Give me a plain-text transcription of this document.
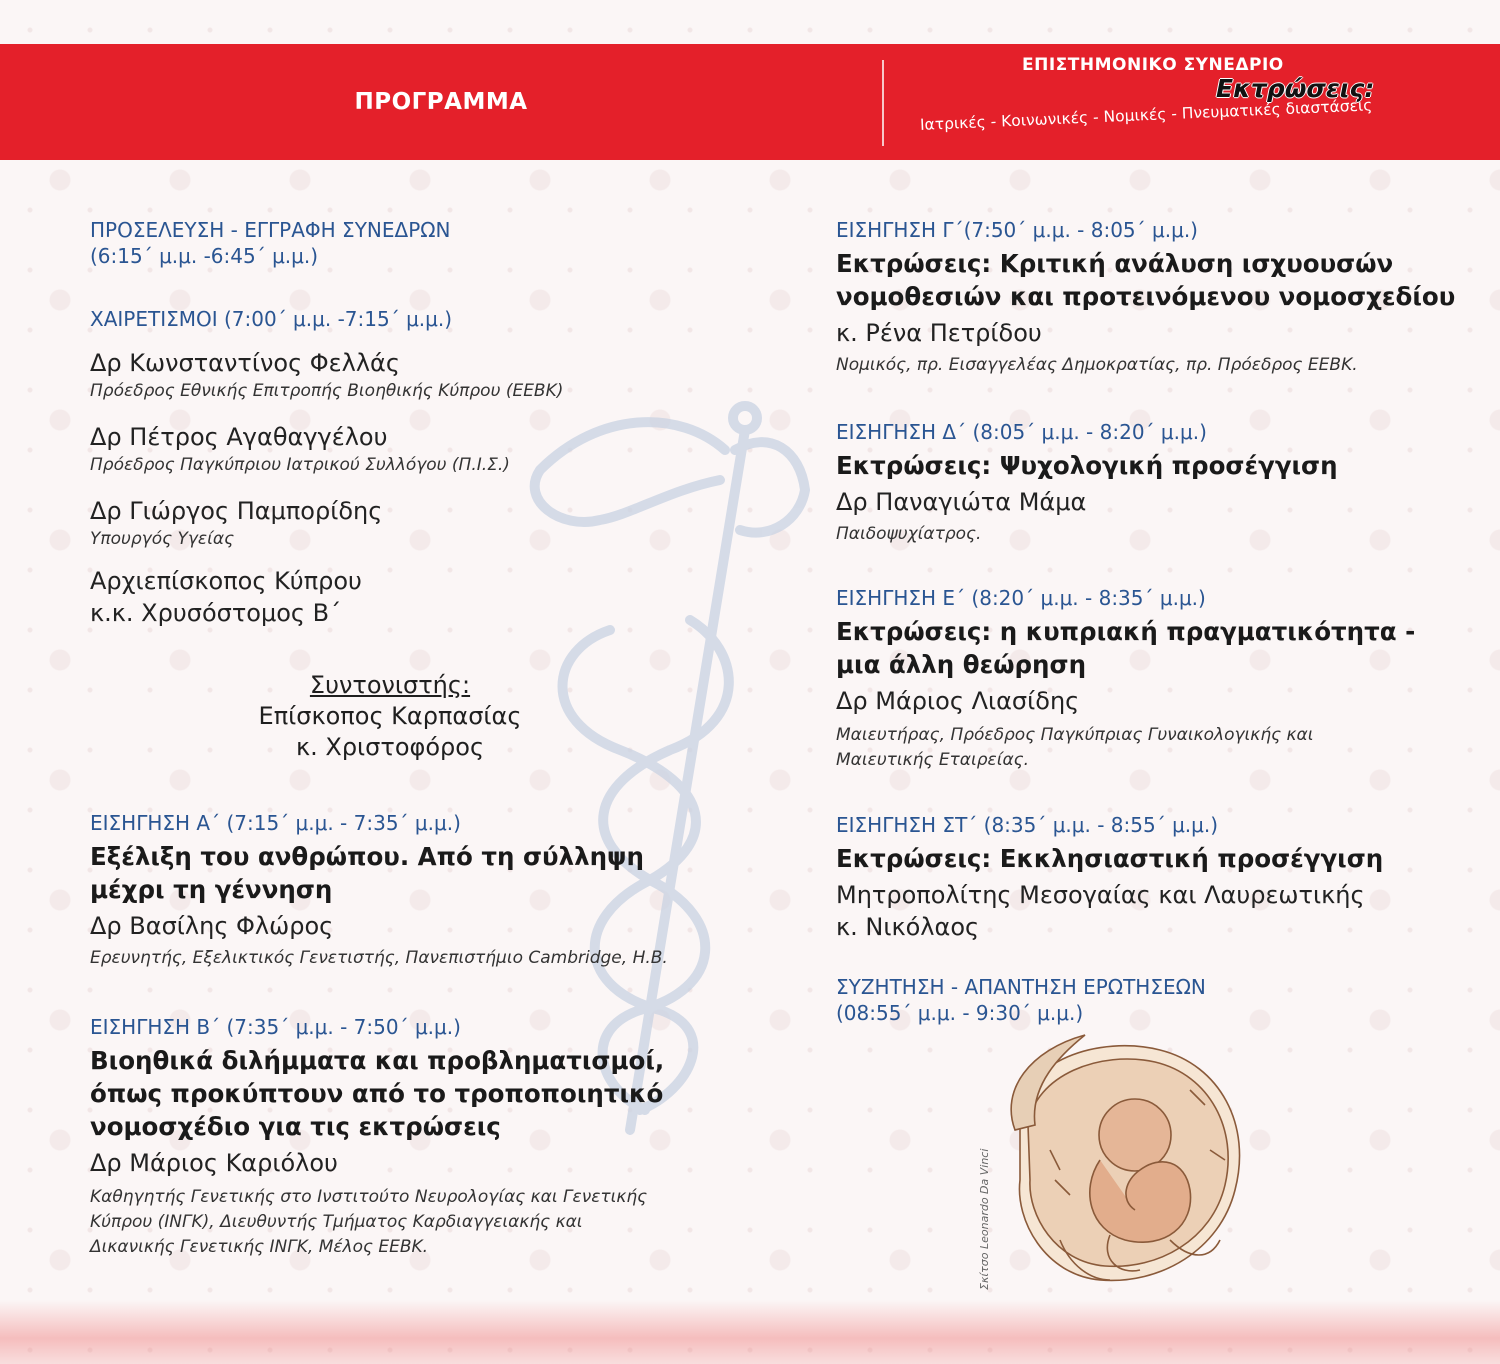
ΠΡΟΓΡΑΜΜΑ
ΕΠΙΣΤΗΜΟΝΙΚΟ ΣΥΝΕΔΡΙΟ
Εκτρώσεις:
Ιατρικές - Κοινωνικές - Νομικές - Πνευματικές διαστάσεις
ΠΡΟΣΕΛΕΥΣΗ - ΕΓΓΡΑΦΗ ΣΥΝΕΔΡΩΝ
(6:15΄ μ.μ. -6:45΄ μ.μ.)
ΧΑΙΡΕΤΙΣΜΟΙ (7:00΄ μ.μ. -7:15΄ μ.μ.)
Δρ Κωνσταντίνος Φελλάς
Πρόεδρος Εθνικής Επιτροπής Βιοηθικής Κύπρου (ΕΕΒΚ)
Δρ Πέτρος Αγαθαγγέλου
Πρόεδρος Παγκύπριου Ιατρικού Συλλόγου (Π.Ι.Σ.)
Δρ Γιώργος Παμπορίδης
Υπουργός Υγείας
Αρχιεπίσκοπος Κύπρου
κ.κ. Χρυσόστομος Β΄
ΕΙΣΗΓΗΣΗ Α΄ (7:15΄ μ.μ. - 7:35΄ μ.μ.)
Εξέλιξη του ανθρώπου. Από τη σύλληψη
μέχρι τη γέννηση
Δρ Βασίλης Φλώρος
Ερευνητής, Εξελικτικός Γενετιστής, Πανεπιστήμιο Cambridge, Η.Β.
ΕΙΣΗΓΗΣΗ Β΄ (7:35΄ μ.μ. - 7:50΄ μ.μ.)
Βιοηθικά διλήμματα και προβληματισμοί,
όπως προκύπτουν από το τροποποιητικό
νομοσχέδιο για τις εκτρώσεις
Δρ Μάριος Καριόλου
Καθηγητής Γενετικής στο Ινστιτούτο Νευρολογίας και Γενετικής
Κύπρου (ΙΝΓΚ), Διευθυντής Τμήματος Καρδιαγγειακής και
Δικανικής Γενετικής ΙΝΓΚ, Μέλος ΕΕΒΚ.
Συντονιστής:
Επίσκοπος Καρπασίας
κ. Χριστοφόρος
ΕΙΣΗΓΗΣΗ Γ΄(7:50΄ μ.μ. - 8:05΄ μ.μ.)
Εκτρώσεις: Κριτική ανάλυση ισχυουσών
νομοθεσιών και προτεινόμενου νομοσχεδίου
κ. Ρένα Πετρίδου
Νομικός, πρ. Εισαγγελέας Δημοκρατίας, πρ. Πρόεδρος ΕΕΒΚ.
ΕΙΣΗΓΗΣΗ Δ΄ (8:05΄ μ.μ. - 8:20΄ μ.μ.)
Εκτρώσεις: Ψυχολογική προσέγγιση
Δρ Παναγιώτα Μάμα
Παιδοψυχίατρος.
ΕΙΣΗΓΗΣΗ Ε΄ (8:20΄ μ.μ. - 8:35΄ μ.μ.)
Εκτρώσεις: η κυπριακή πραγματικότητα -
μια άλλη θεώρηση
Δρ Μάριος Λιασίδης
Μαιευτήρας, Πρόεδρος Παγκύπριας Γυναικολογικής και
Μαιευτικής Εταιρείας.
ΕΙΣΗΓΗΣΗ ΣΤ΄ (8:35΄ μ.μ. - 8:55΄ μ.μ.)
Εκτρώσεις: Εκκλησιαστική προσέγγιση
Μητροπολίτης Μεσογαίας και Λαυρεωτικής
κ. Νικόλαος
ΣΥΖΗΤΗΣΗ - ΑΠΑΝΤΗΣΗ ΕΡΩΤΗΣΕΩΝ
(08:55΄ μ.μ. - 9:30΄ μ.μ.)
Σκίτσο Leonardo Da Vinci
